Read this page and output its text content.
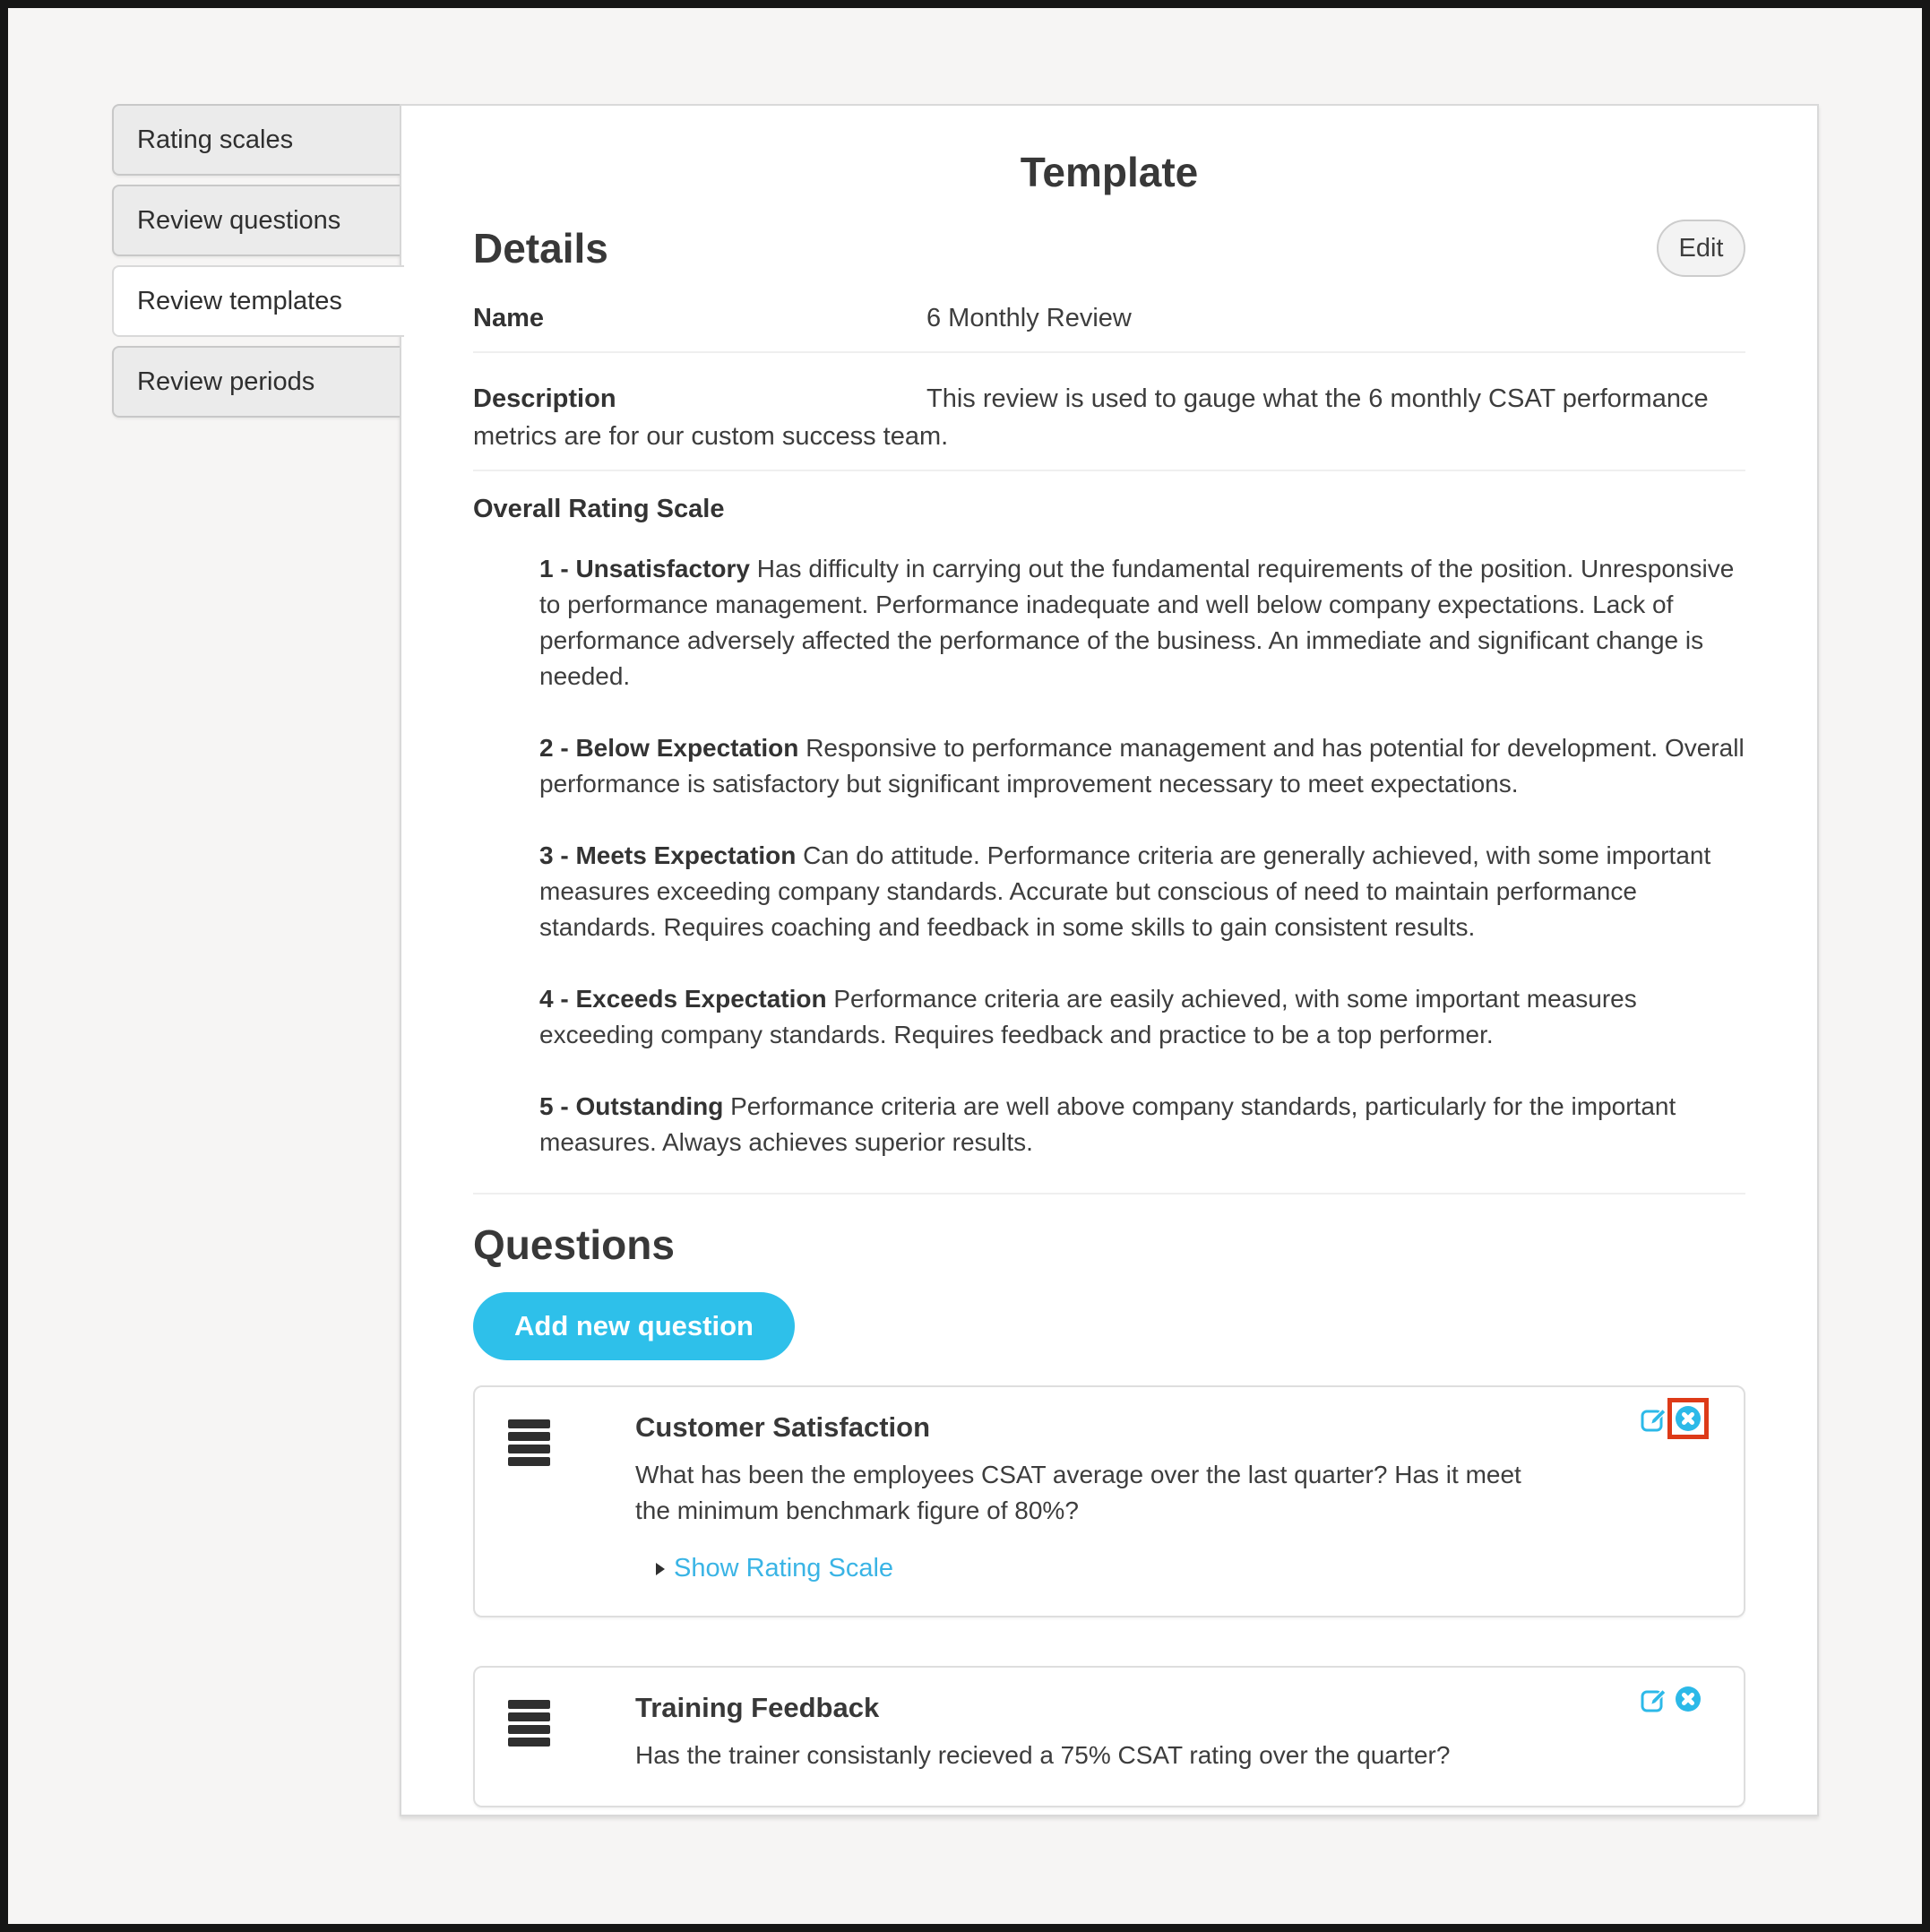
Rating scales
Review questions
Review templates
Review periods
Template
Details	Edit
Name	6 Monthly Review

Description	This review is used to gauge what the 6 monthly CSAT performance metrics are for our custom success team.

Overall Rating Scale

1 - Unsatisfactory Has difficulty in carrying out the fundamental requirements of the position. Unresponsive to performance management. Performance inadequate and well below company expectations. Lack of performance adversely affected the performance of the business. An immediate and significant change is needed.

2 - Below Expectation Responsive to performance management and has potential for development. Overall performance is satisfactory but significant improvement necessary to meet expectations.

3 - Meets Expectation Can do attitude. Performance criteria are generally achieved, with some important measures exceeding company standards. Accurate but conscious of need to maintain performance standards. Requires coaching and feedback in some skills to gain consistent results.

4 - Exceeds Expectation Performance criteria are easily achieved, with some important measures exceeding company standards. Requires feedback and practice to be a top performer.

5 - Outstanding Performance criteria are well above company standards, particularly for the important measures. Always achieves superior results.

Questions
Add new question
Customer Satisfaction

What has been the employees CSAT average over the last quarter? Has it meet the minimum benchmark figure of 80%?

Show Rating Scale
Training Feedback

Has the trainer consistanly recieved a 75% CSAT rating over the quarter?
